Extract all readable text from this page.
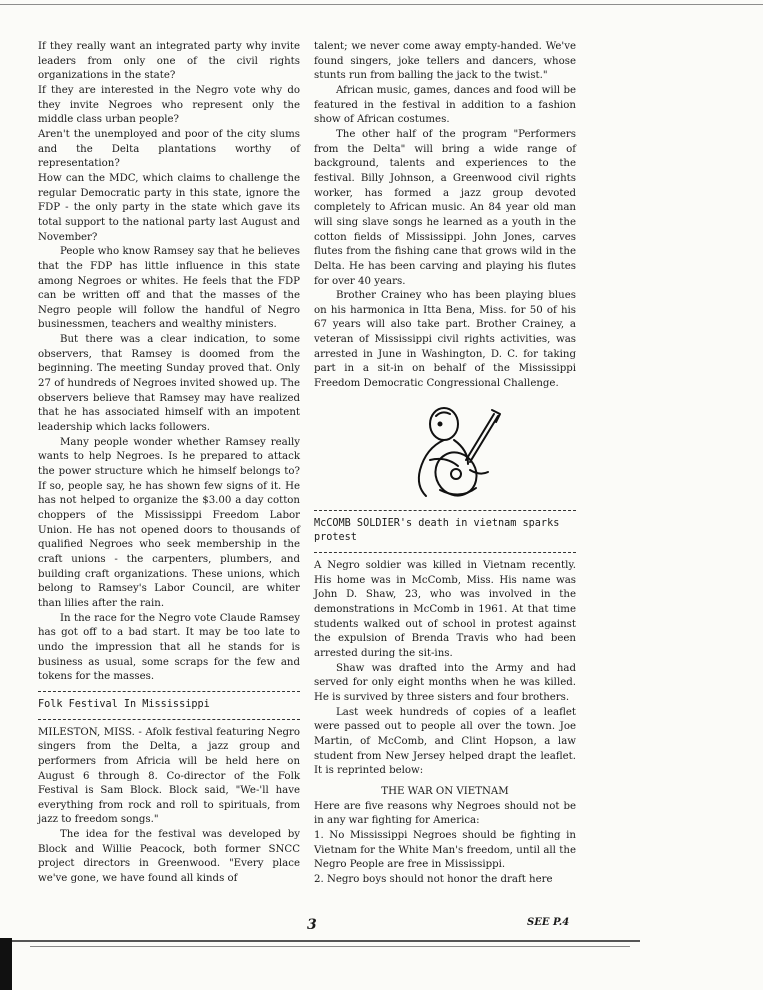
If they really want an integrated party why invite leaders from only one of the civil rights organizations in the state?

If they are interested in the Negro vote why do they invite Negroes who represent only the middle class urban people?

Aren't the unemployed and poor of the city slums and the Delta plantations worthy of representation?

How can the MDC, which claims to challenge the regular Democratic party in this state, ignore the FDP - the only party in the state which gave its total support to the national party last August and November?

People who know Ramsey say that he believes that the FDP has little influence in this state among Negroes or whites. He feels that the FDP can be written off and that the masses of the Negro people will follow the handful of Negro businessmen, teachers and wealthy ministers.

But there was a clear indication, to some observers, that Ramsey is doomed from the beginning. The meeting Sunday proved that. Only 27 of hundreds of Negroes invited showed up. The observers believe that Ramsey may have realized that he has associated himself with an impotent leadership which lacks followers.

Many people wonder whether Ramsey really wants to help Negroes. Is he prepared to attack the power structure which he himself belongs to? If so, people say, he has shown few signs of it. He has not helped to organize the $3.00 a day cotton choppers of the Mississippi Freedom Labor Union. He has not opened doors to thousands of qualified Negroes who seek membership in the craft unions - the carpenters, plumbers, and building craft organizations. These unions, which belong to Ramsey's Labor Council, are whiter than lilies after the rain.

In the race for the Negro vote Claude Ramsey has got off to a bad start. It may be too late to undo the impression that all he stands for is business as usual, some scraps for the few and tokens for the masses.

Folk Festival In Mississippi

MILESTON, MISS. - Afolk festival featuring Negro singers from the Delta, a jazz group and performers from Africia will be held here on August 6 through 8. Co-director of the Folk Festival is Sam Block. Block said, "We-'ll have everything from rock and roll to spirituals, from jazz to freedom songs."

The idea for the festival was developed by Block and Willie Peacock, both former SNCC project directors in Greenwood. "Every place we've gone, we have found all kinds of

talent; we never come away empty-handed. We've found singers, joke tellers and dancers, whose stunts run from balling the jack to the twist."

African music, games, dances and food will be featured in the festival in addition to a fashion show of African costumes.

The other half of the program "Performers from the Delta" will bring a wide range of background, talents and experiences to the festival. Billy Johnson, a Greenwood civil rights worker, has formed a jazz group devoted completely to African music. An 84 year old man will sing slave songs he learned as a youth in the cotton fields of Mississippi. John Jones, carves flutes from the fishing cane that grows wild in the Delta. He has been carving and playing his flutes for over 40 years.

Brother Crainey who has been playing blues on his harmonica in Itta Bena, Miss. for 50 of his 67 years will also take part. Brother Crainey, a veteran of Mississippi civil rights activities, was arrested in June in Washington, D. C. for taking part in a sit-in on behalf of the Mississippi Freedom Democratic Congressional Challenge.

McCOMB SOLDIER's death in vietnam sparks protest

A Negro soldier was killed in Vietnam recently. His home was in McComb, Miss. His name was John D. Shaw, 23, who was involved in the demonstrations in McComb in 1961. At that time students walked out of school in protest against the expulsion of Brenda Travis who had been arrested during the sit-ins.

Shaw was drafted into the Army and had served for only eight months when he was killed. He is survived by three sisters and four brothers.

Last week hundreds of copies of a leaflet were passed out to people all over the town. Joe Martin, of McComb, and Clint Hopson, a law student from New Jersey helped drapt the leaflet. It is reprinted below:

THE WAR ON VIETNAM

Here are five reasons why Negroes should not be in any war fighting for America:

1. No Mississippi Negroes should be fighting in Vietnam for the White Man's freedom, until all the Negro People are free in Mississippi.

2. Negro boys should not honor the draft here

3	SEE P.4
